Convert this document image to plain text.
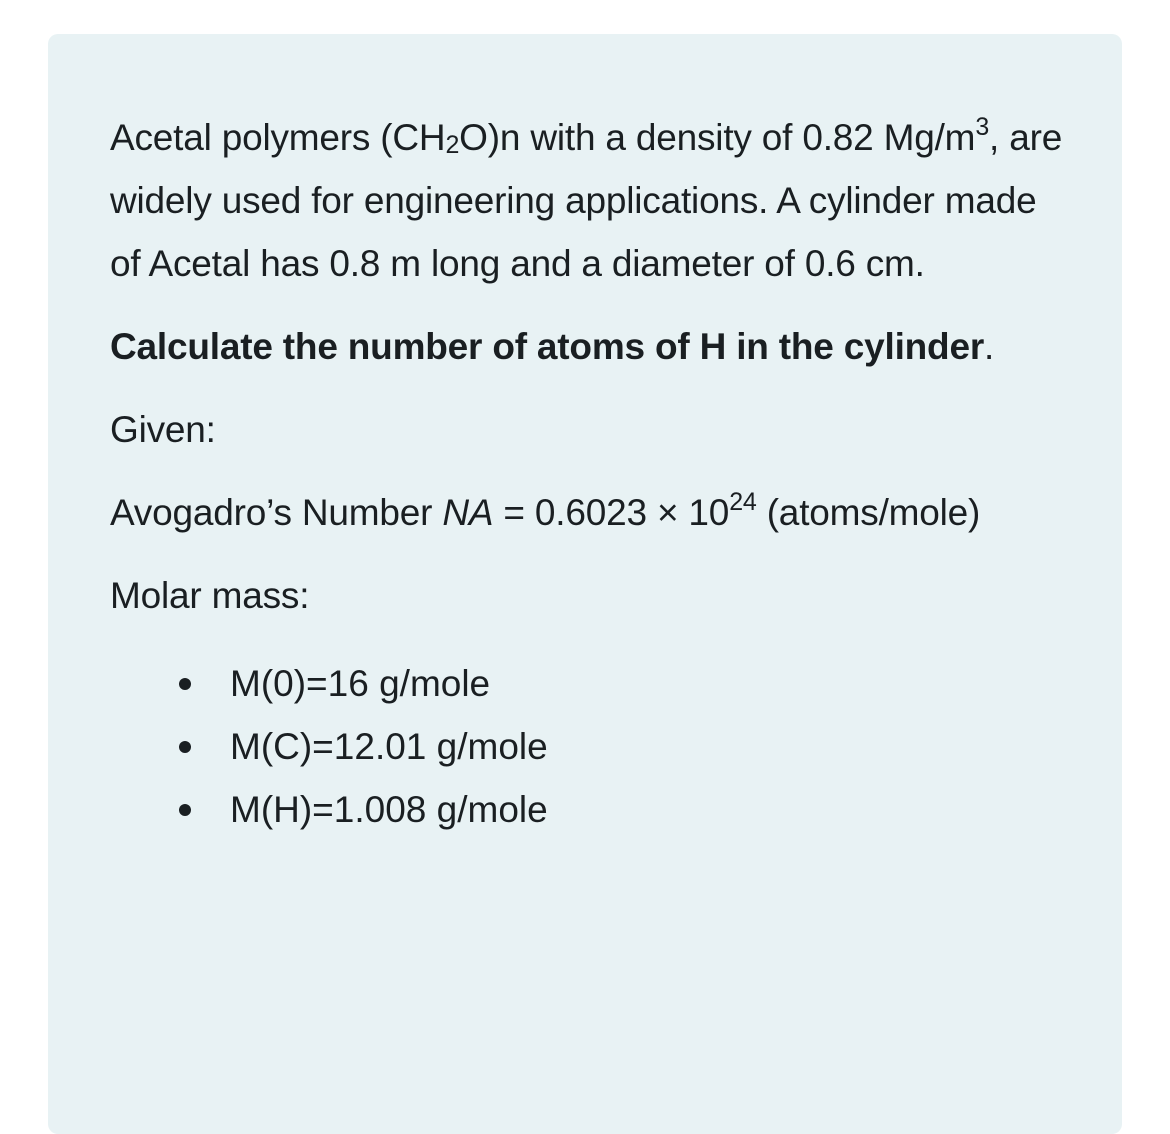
Acetal polymers $(CH_2O)n$ with a density of 0.82 $Mg/m^3$, are widely used for engineering applications. A cylinder made of Acetal has 0.8 m long and a diameter of 0.6 cm.

Calculate the number of atoms of H in the cylinder.

Given:

Avogadro’s Number NA = $0.6023 \times 10^{24}$ (atoms/mole)

Molar mass:

M(0)=16 g/mole
M(C)=12.01 g/mole
M(H)=1.008 g/mole
